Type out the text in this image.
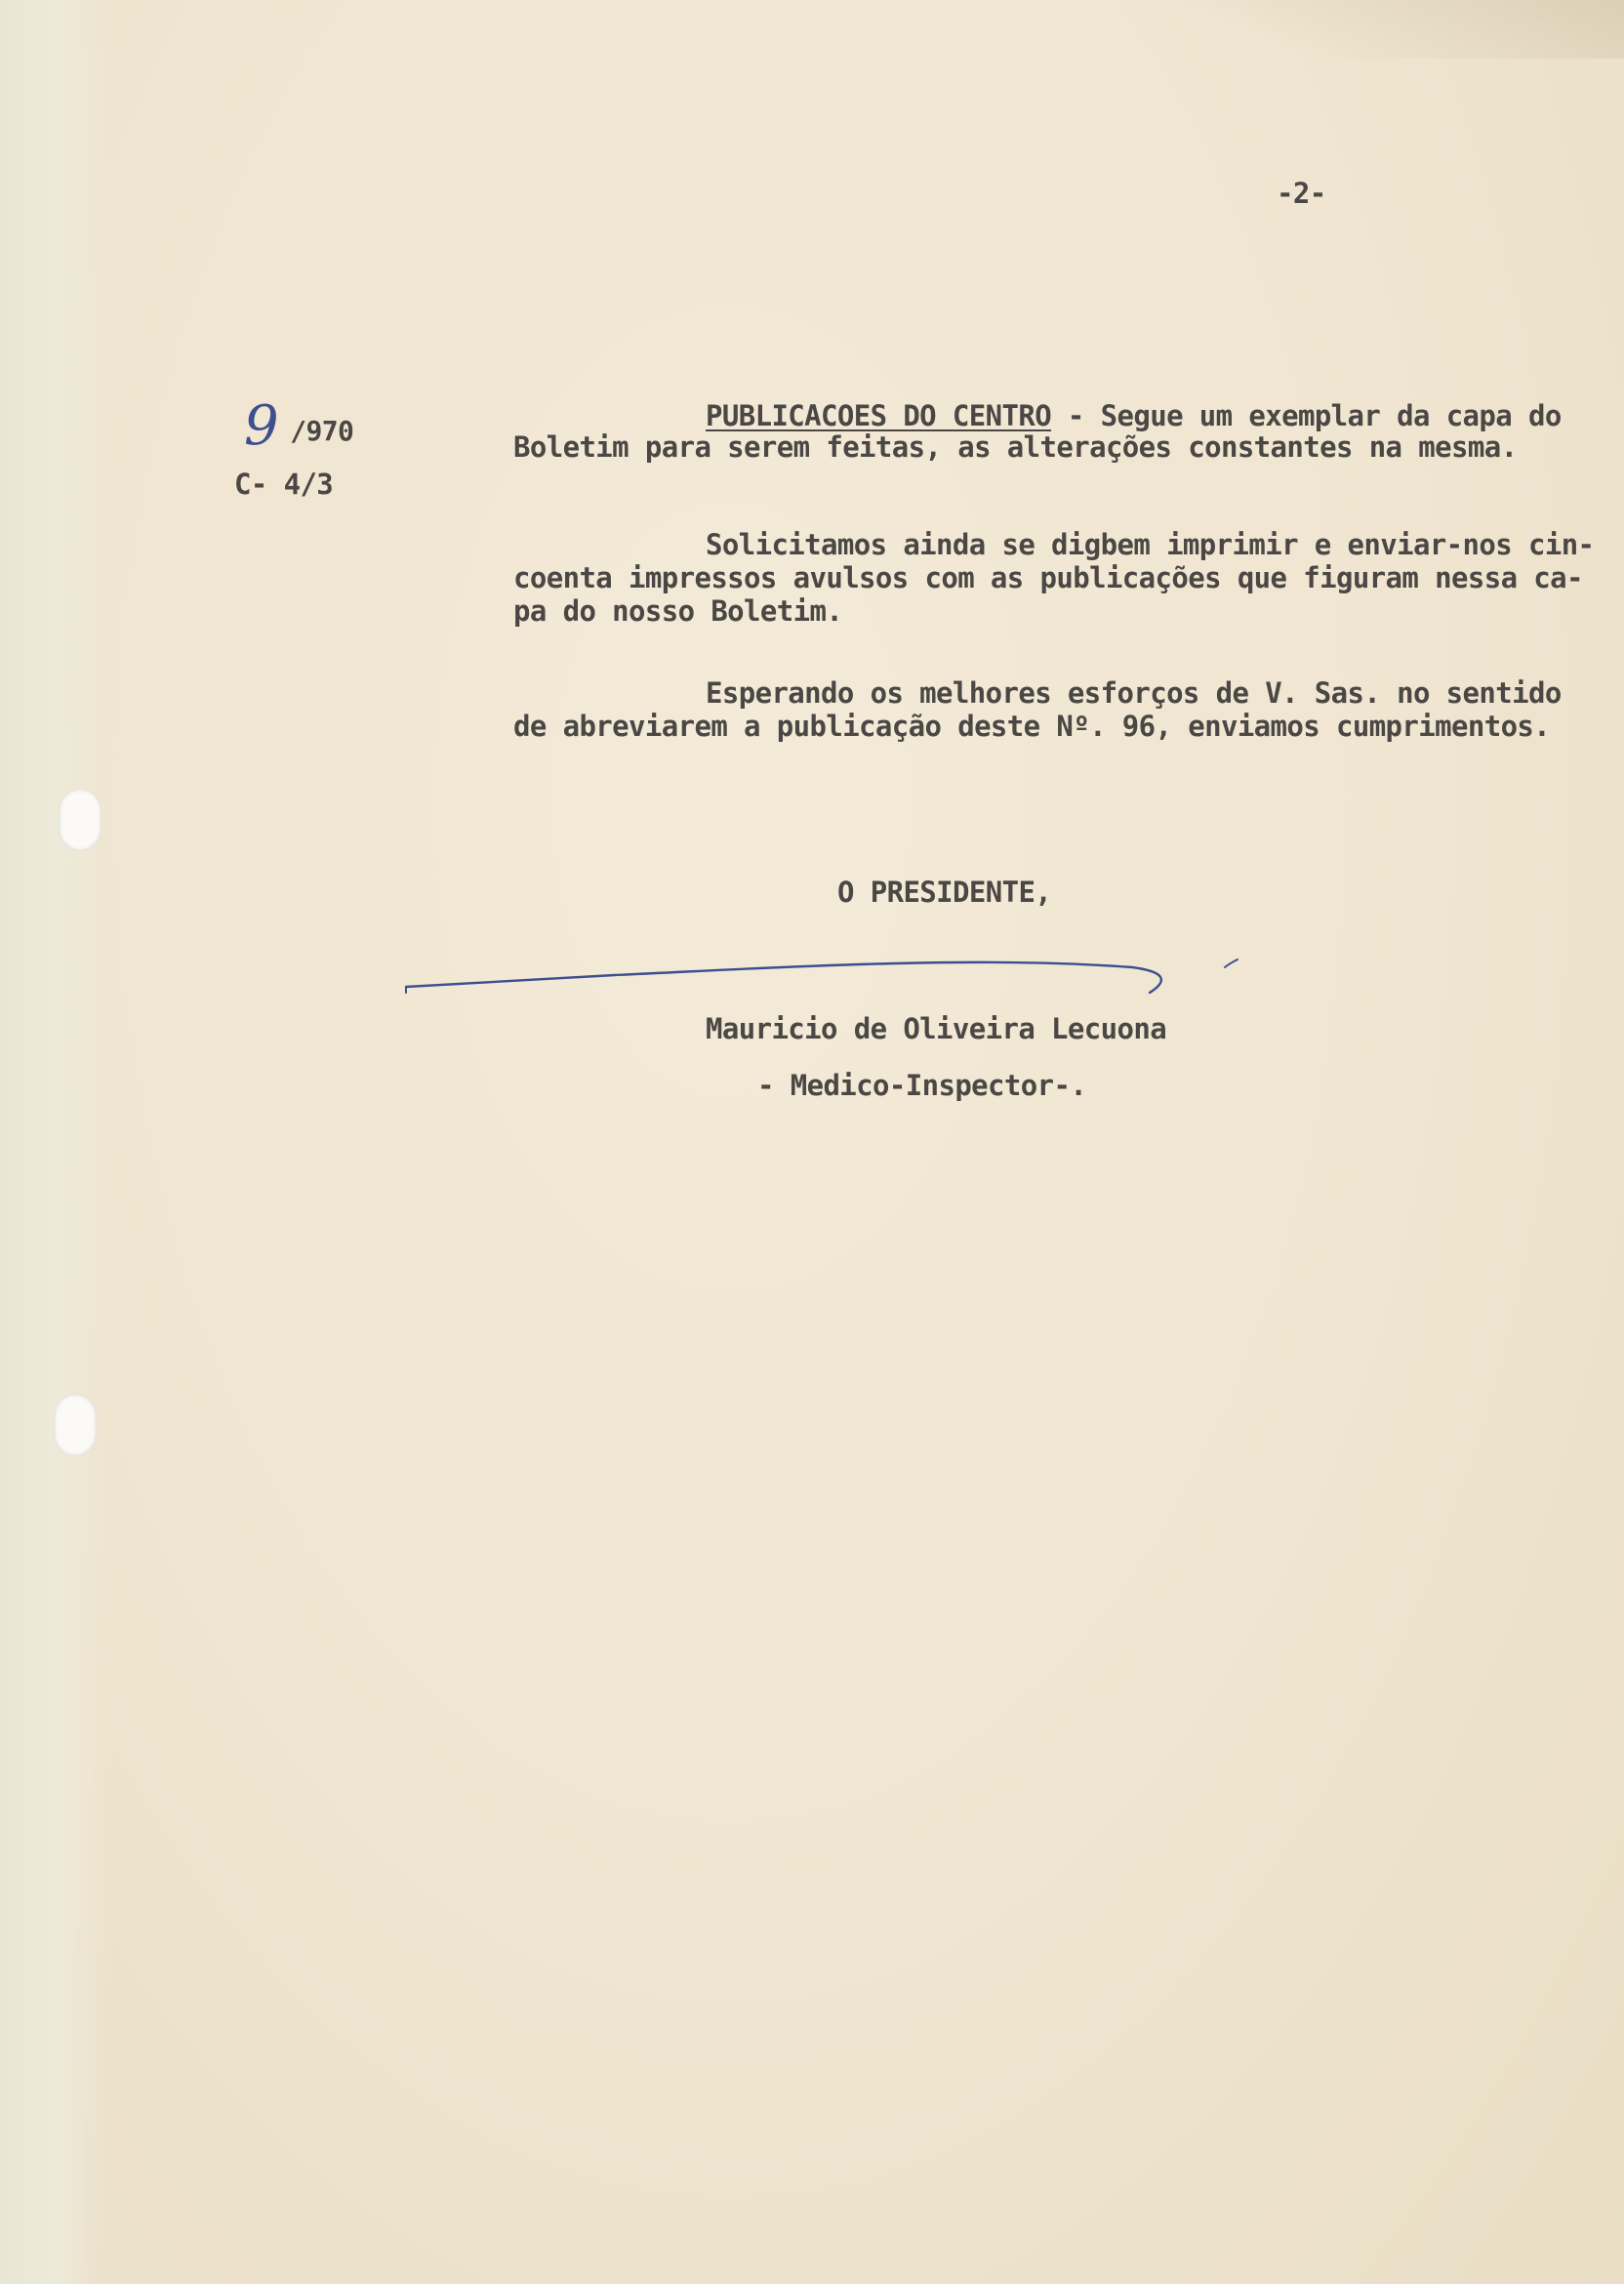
-2-

9 /970

C- 4/3

PUBLICACOES DO CENTRO - Segue um exemplar da capa do

Boletim para serem feitas, as alterações constantes na mesma.

Solicitamos ainda se digbem imprimir e enviar-nos cin-

coenta impressos avulsos com as publicações que figuram nessa ca-

pa do nosso Boletim.

Esperando os melhores esforços de V. Sas. no sentido

de abreviarem a publicação deste Nº. 96, enviamos cumprimentos.

O PRESIDENTE,

Mauricio de Oliveira Lecuona

- Medico-Inspector-.
